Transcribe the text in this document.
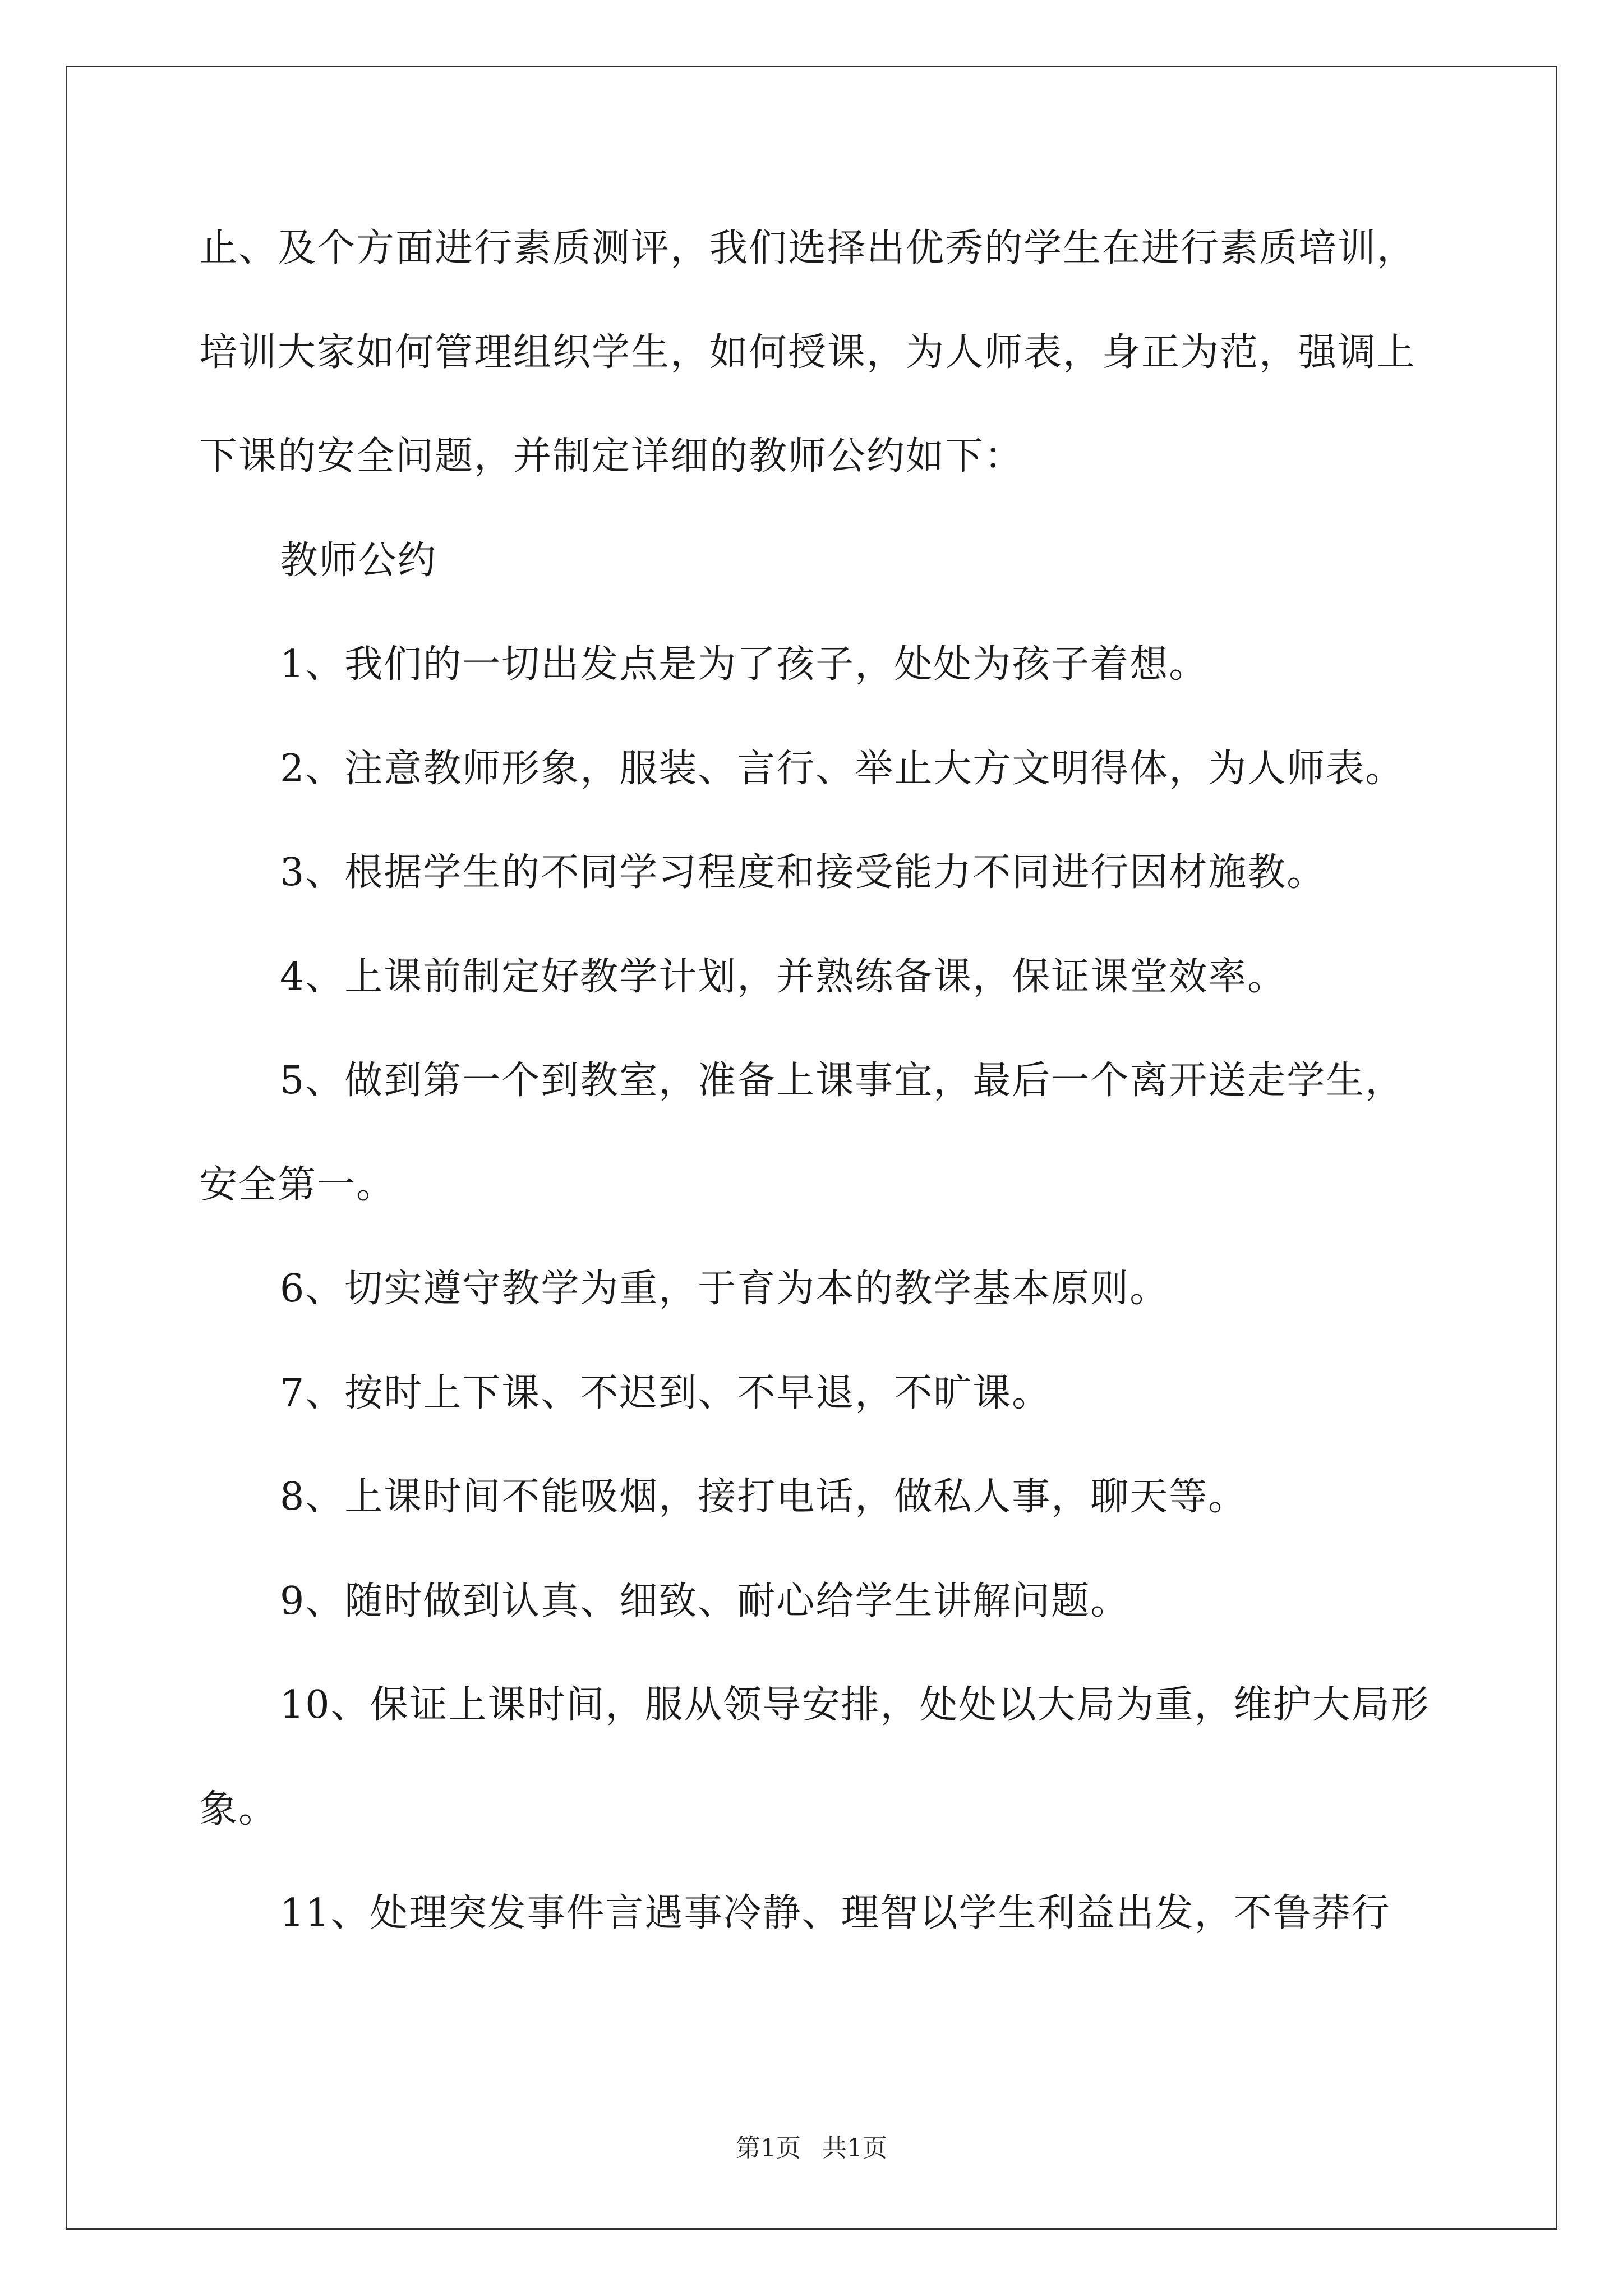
止、及个方面进行素质测评，我们选择出优秀的学生在进行素质培训，培训大家如何管理组织学生，如何授课，为人师表，身正为范，强调上下课的安全问题，并制定详细的教师公约如下：

教师公约

1、我们的一切出发点是为了孩子，处处为孩子着想。

2、注意教师形象，服装、言行、举止大方文明得体，为人师表。

3、根据学生的不同学习程度和接受能力不同进行因材施教。

4、上课前制定好教学计划，并熟练备课，保证课堂效率。

5、做到第一个到教室，准备上课事宜，最后一个离开送走学生，安全第一。

6、切实遵守教学为重，于育为本的教学基本原则。

7、按时上下课、不迟到、不早退，不旷课。

8、上课时间不能吸烟，接打电话，做私人事，聊天等。

9、随时做到认真、细致、耐心给学生讲解问题。

10、保证上课时间，服从领导安排，处处以大局为重，维护大局形象。

11、处理突发事件言遇事冷静、理智以学生利益出发，不鲁莽行

第1页 共1页
